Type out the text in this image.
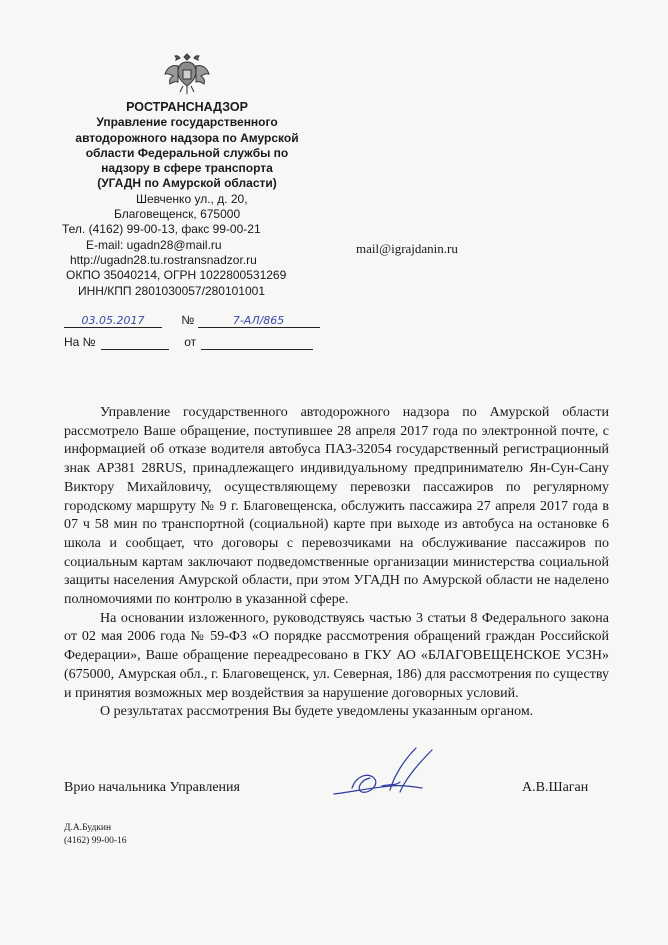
РОСТРАНСНАДЗОР
Управление государственного
автодорожного надзора по Амурской
области Федеральной службы по
надзору в сфере транспорта
(УГАДН по Амурской области)
Шевченко ул., д. 20,
Благовещенск, 675000
Тел. (4162) 99-00-13, факс 99-00-21
E-mail: ugadn28@mail.ru
http://ugadn28.tu.rostransnadzor.ru
ОКПО 35040214, ОГРН 1022800531269
ИНН/КПП 2801030057/280101001
mail@igrajdanin.ru
03.05.2017	№	7-АЛ/865
На №	от

Управление государственного автодорожного надзора по Амурской области рассмотрело Ваше обращение, поступившее 28 апреля 2017 года по электронной почте, с информацией об отказе водителя автобуса ПАЗ-32054 государственный регистрационный знак АР381 28RUS, принадлежащего индивидуальному предпринимателю Ян-Сун-Сану Виктору Михайловичу, осуществляющему перевозки пассажиров по регулярному городскому маршруту № 9 г. Благовещенска, обслужить пассажира 27 апреля 2017 года в 07 ч 58 мин по транспортной (социальной) карте при выходе из автобуса на остановке 6 школа и сообщает, что договоры с перевозчиками на обслуживание пассажиров по социальным картам заключают подведомственные организации министерства социальной защиты населения Амурской области, при этом УГАДН по Амурской области не наделено полномочиями по контролю в указанной сфере.

На основании изложенного, руководствуясь частью 3 статьи 8 Федерального закона от 02 мая 2006 года № 59-ФЗ «О порядке рассмотрения обращений граждан Российской Федерации», Ваше обращение переадресовано в ГКУ АО «БЛАГОВЕЩЕНСКОЕ УСЗН» (675000, Амурская обл., г. Благовещенск, ул. Северная, 186) для рассмотрения по существу и принятия возможных мер воздействия за нарушение договорных условий.

О результатах рассмотрения Вы будете уведомлены указанным органом.

Врио начальника Управления	А.В.Шаган
Д.А.Будкин
(4162) 99-00-16
